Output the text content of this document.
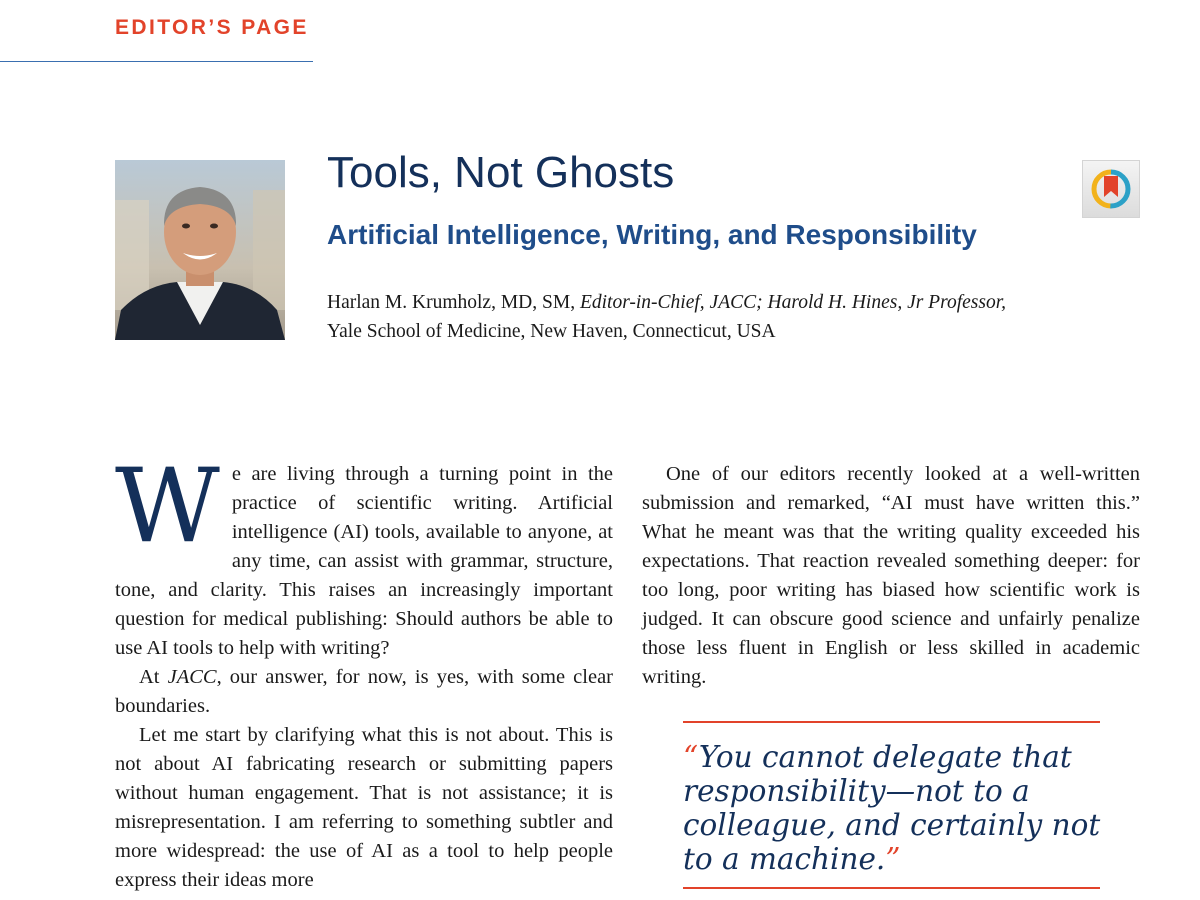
EDITOR’S PAGE
Tools, Not Ghosts
Artificial Intelligence, Writing, and Responsibility
Harlan M. Krumholz, MD, SM, Editor-in-Chief, JACC; Harold H. Hines, Jr Professor,
Yale School of Medicine, New Haven, Connecticut, USA

We are living through a turning point in the practice of scientific writing. Artificial intelligence (AI) tools, available to anyone, at any time, can assist with grammar, structure, tone, and clarity. This raises an increasingly important question for medical publishing: Should authors be able to use AI tools to help with writing?

At JACC, our answer, for now, is yes, with some clear boundaries.

Let me start by clarifying what this is not about. This is not about AI fabricating research or submitting papers without human engagement. That is not assistance; it is misrepresentation. I am referring to something subtler and more widespread: the use of AI as a tool to help people express their ideas more

One of our editors recently looked at a well-written submission and remarked, “AI must have written this.” What he meant was that the writing quality exceeded his expectations. That reaction revealed something deeper: for too long, poor writing has biased how scientific work is judged. It can obscure good science and unfairly penalize those less fluent in English or less skilled in academic writing.

“You cannot delegate that responsibility—not to a colleague, and certainly not to a machine.”
